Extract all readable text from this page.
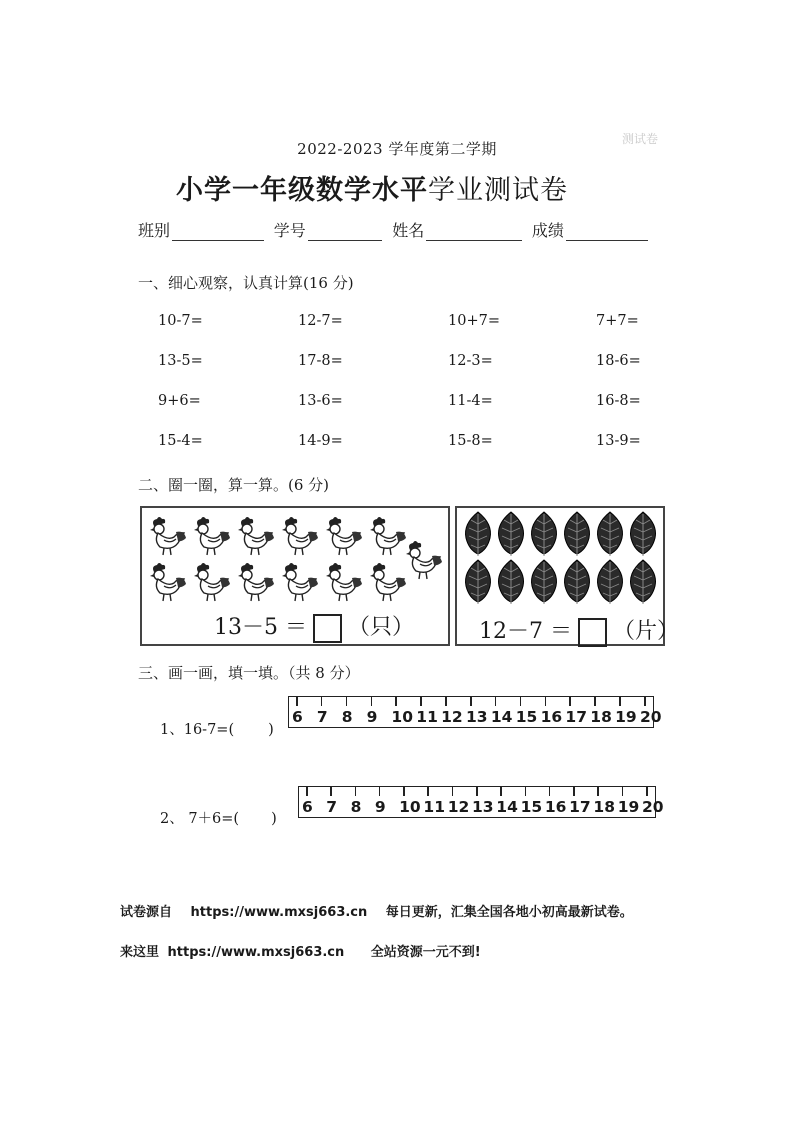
2022-2023 学年度第二学期
测试卷
小学一年级数学水平学业测试卷
班别	学号	姓名	成绩
一、细心观察，认真计算(16 分)
10-7=	12-7=	10+7=	7+7=
13-5=	17-8=	12-3=	18-6=
9+6=	13-6=	11-4=	16-8=
15-4=	14-9=	15-8=	13-9=
二、圈一圈，算一算。(6 分)
13－5 ＝ （只）	12－7 ＝ （片）
三、画一画，填一填。（共 8 分）
1、16-7=( )
6 7 8 9 10 11 12 13 14 15 16 17 18 19 20
2、 7＋6=( )
6 7 8 9 10 11 12 13 14 15 16 17 18 19 20
试卷源自 https://www.mxsj663.cn 每日更新，汇集全国各地小初高最新试卷。
来这里 https://www.mxsj663.cn 全站资源一元不到!
